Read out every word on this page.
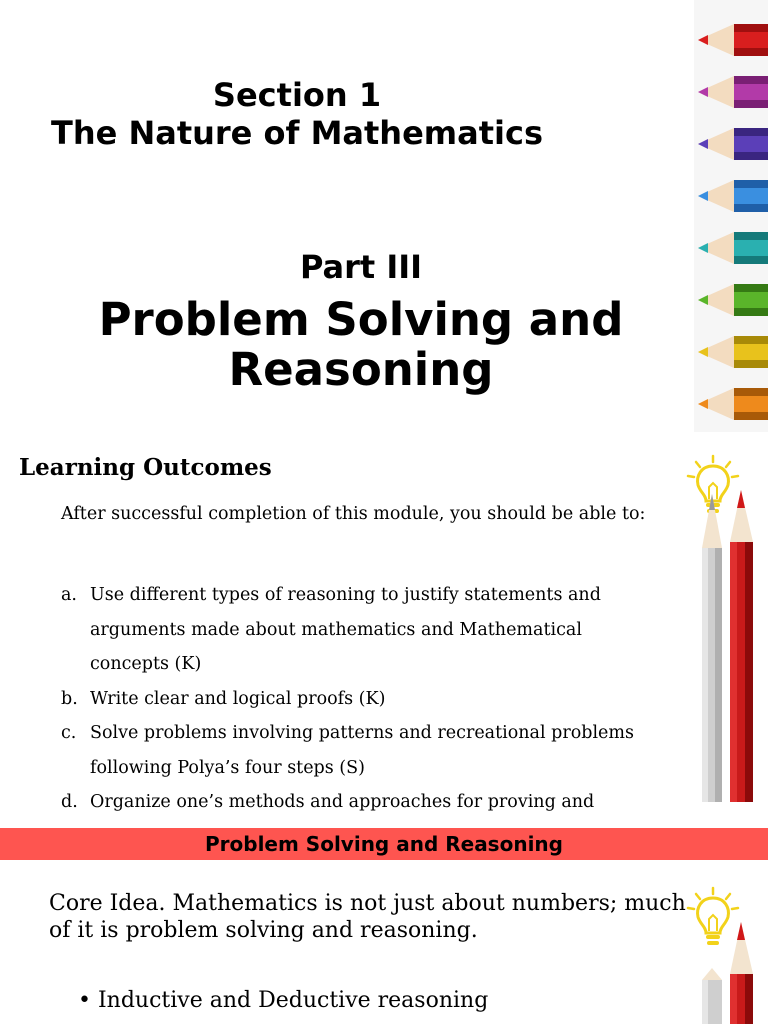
Section 1
The Nature of Mathematics
Part III
Problem Solving and Reasoning
Learning Outcomes
After successful completion of this module, you should be able to:
a. Use different types of reasoning to justify statements and arguments made about mathematics and Mathematical concepts (K)
b. Write clear and logical proofs (K)
c. Solve problems involving patterns and recreational problems following Polya’s four steps (S)
d. Organize one’s methods and approaches for proving and
Problem Solving and Reasoning
Core Idea. Mathematics is not just about numbers; much of it is problem solving and reasoning.
• Inductive and Deductive reasoning
